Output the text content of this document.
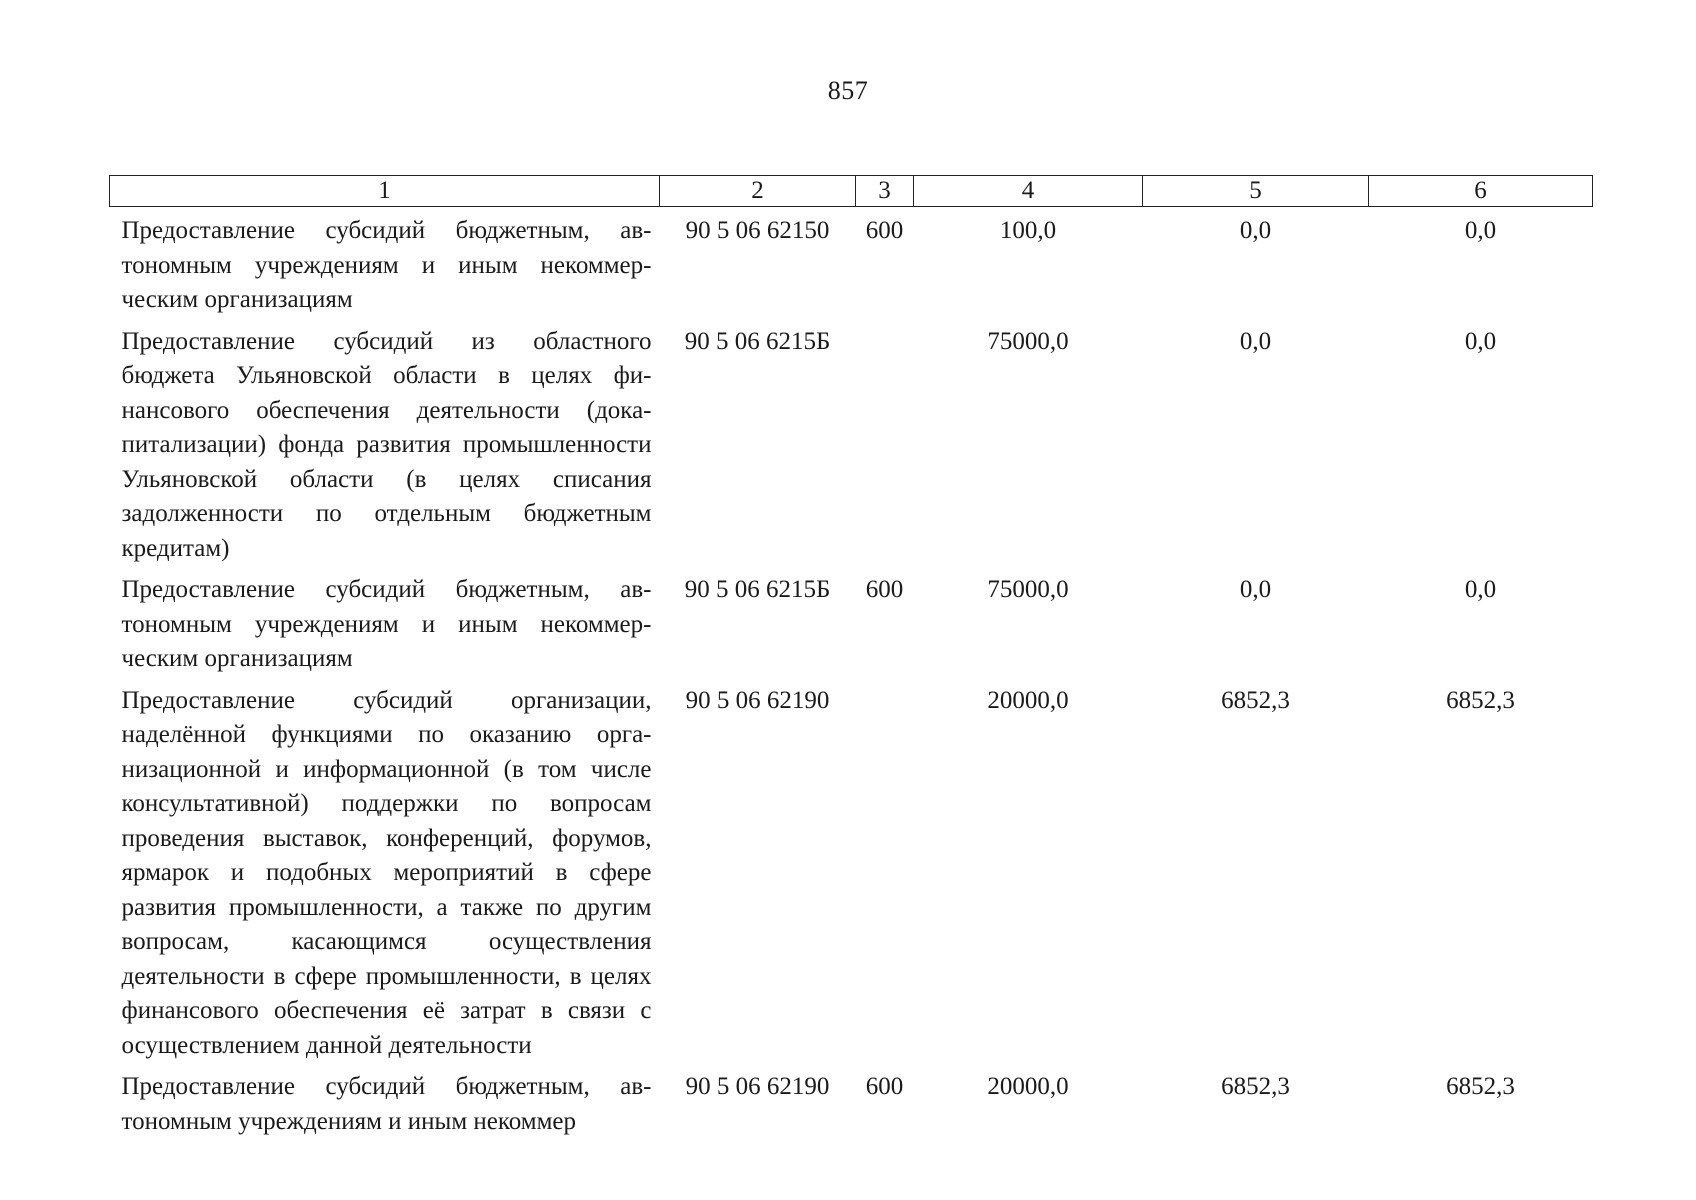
857
1	2	3	4	5	6
Предоставление субсидий бюджетным, автономным учреждениям и иным некоммерческим организациям	90 5 06 62150	600	100,0	0,0	0,0
Предоставление субсидий из областного бюджета Ульяновской области в целях финансового обеспечения деятельности (докапитализации) фонда развития промышленности Ульяновской области (в целях списания задолженности по отдельным бюджетным кредитам)	90 5 06 6215Б		75000,0	0,0	0,0
Предоставление субсидий бюджетным, автономным учреждениям и иным некоммерческим организациям	90 5 06 6215Б	600	75000,0	0,0	0,0
Предоставление субсидий организации, наделённой функциями по оказанию организационной и информационной (в том числе консультативной) поддержки по вопросам проведения выставок, конференций, форумов, ярмарок и подобных мероприятий в сфере развития промышленности, а также по другим вопросам, касающимся осуществления деятельности в сфере промышленности, в целях финансового обеспечения её затрат в связи с осуществлением данной деятельности	90 5 06 62190		20000,0	6852,3	6852,3
Предоставление субсидий бюджетным, автономным учреждениям и иным некоммер	90 5 06 62190	600	20000,0	6852,3	6852,3
